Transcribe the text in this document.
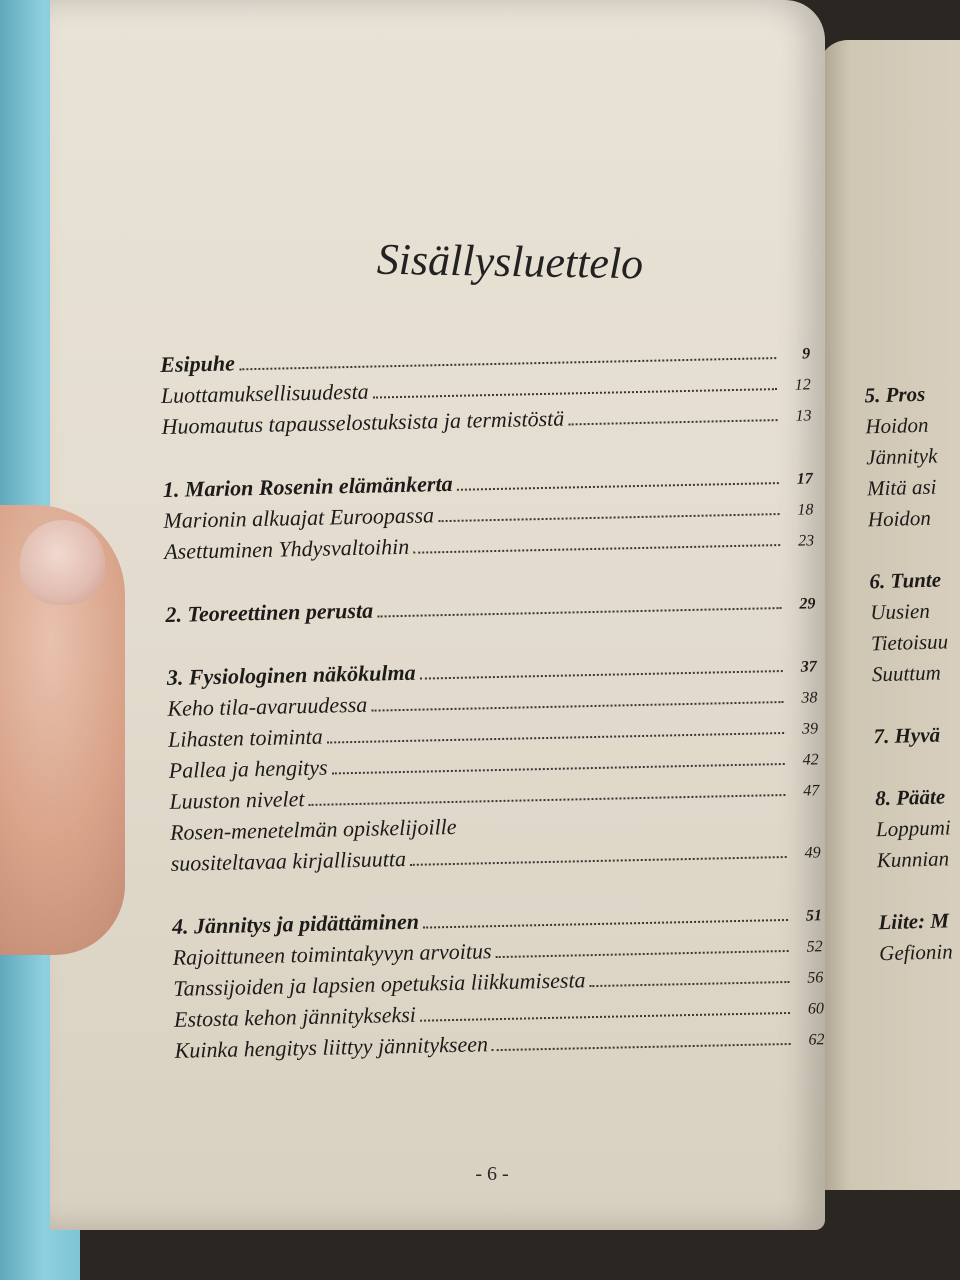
Sisällysluettelo
Esipuhe	9
Luottamuksellisuudesta	12
Huomautus tapausselostuksista ja termistöstä	13
1. Marion Rosenin elämänkerta	17
Marionin alkuajat Euroopassa	18
Asettuminen Yhdysvaltoihin	23
2. Teoreettinen perusta	29
3. Fysiologinen näkökulma	37
Keho tila-avaruudessa	38
Lihasten toiminta	39
Pallea ja hengitys	42
Luuston nivelet	47
Rosen-menetelmän opiskelijoille
suositeltavaa kirjallisuutta	49
4. Jännitys ja pidättäminen	51
Rajoittuneen toimintakyvyn arvoitus	52
Tanssijoiden ja lapsien opetuksia liikkumisesta	56
Estosta kehon jännitykseksi	60
Kuinka hengitys liittyy jännitykseen	62
5. Pros
Hoidon
Jännityk
Mitä asi
Hoidon
6. Tunte
Uusien
Tietoisuu
Suuttum
7. Hyvä
8. Pääte
Loppumi
Kunnian
Liite: M
Gefionin
- 6 -
